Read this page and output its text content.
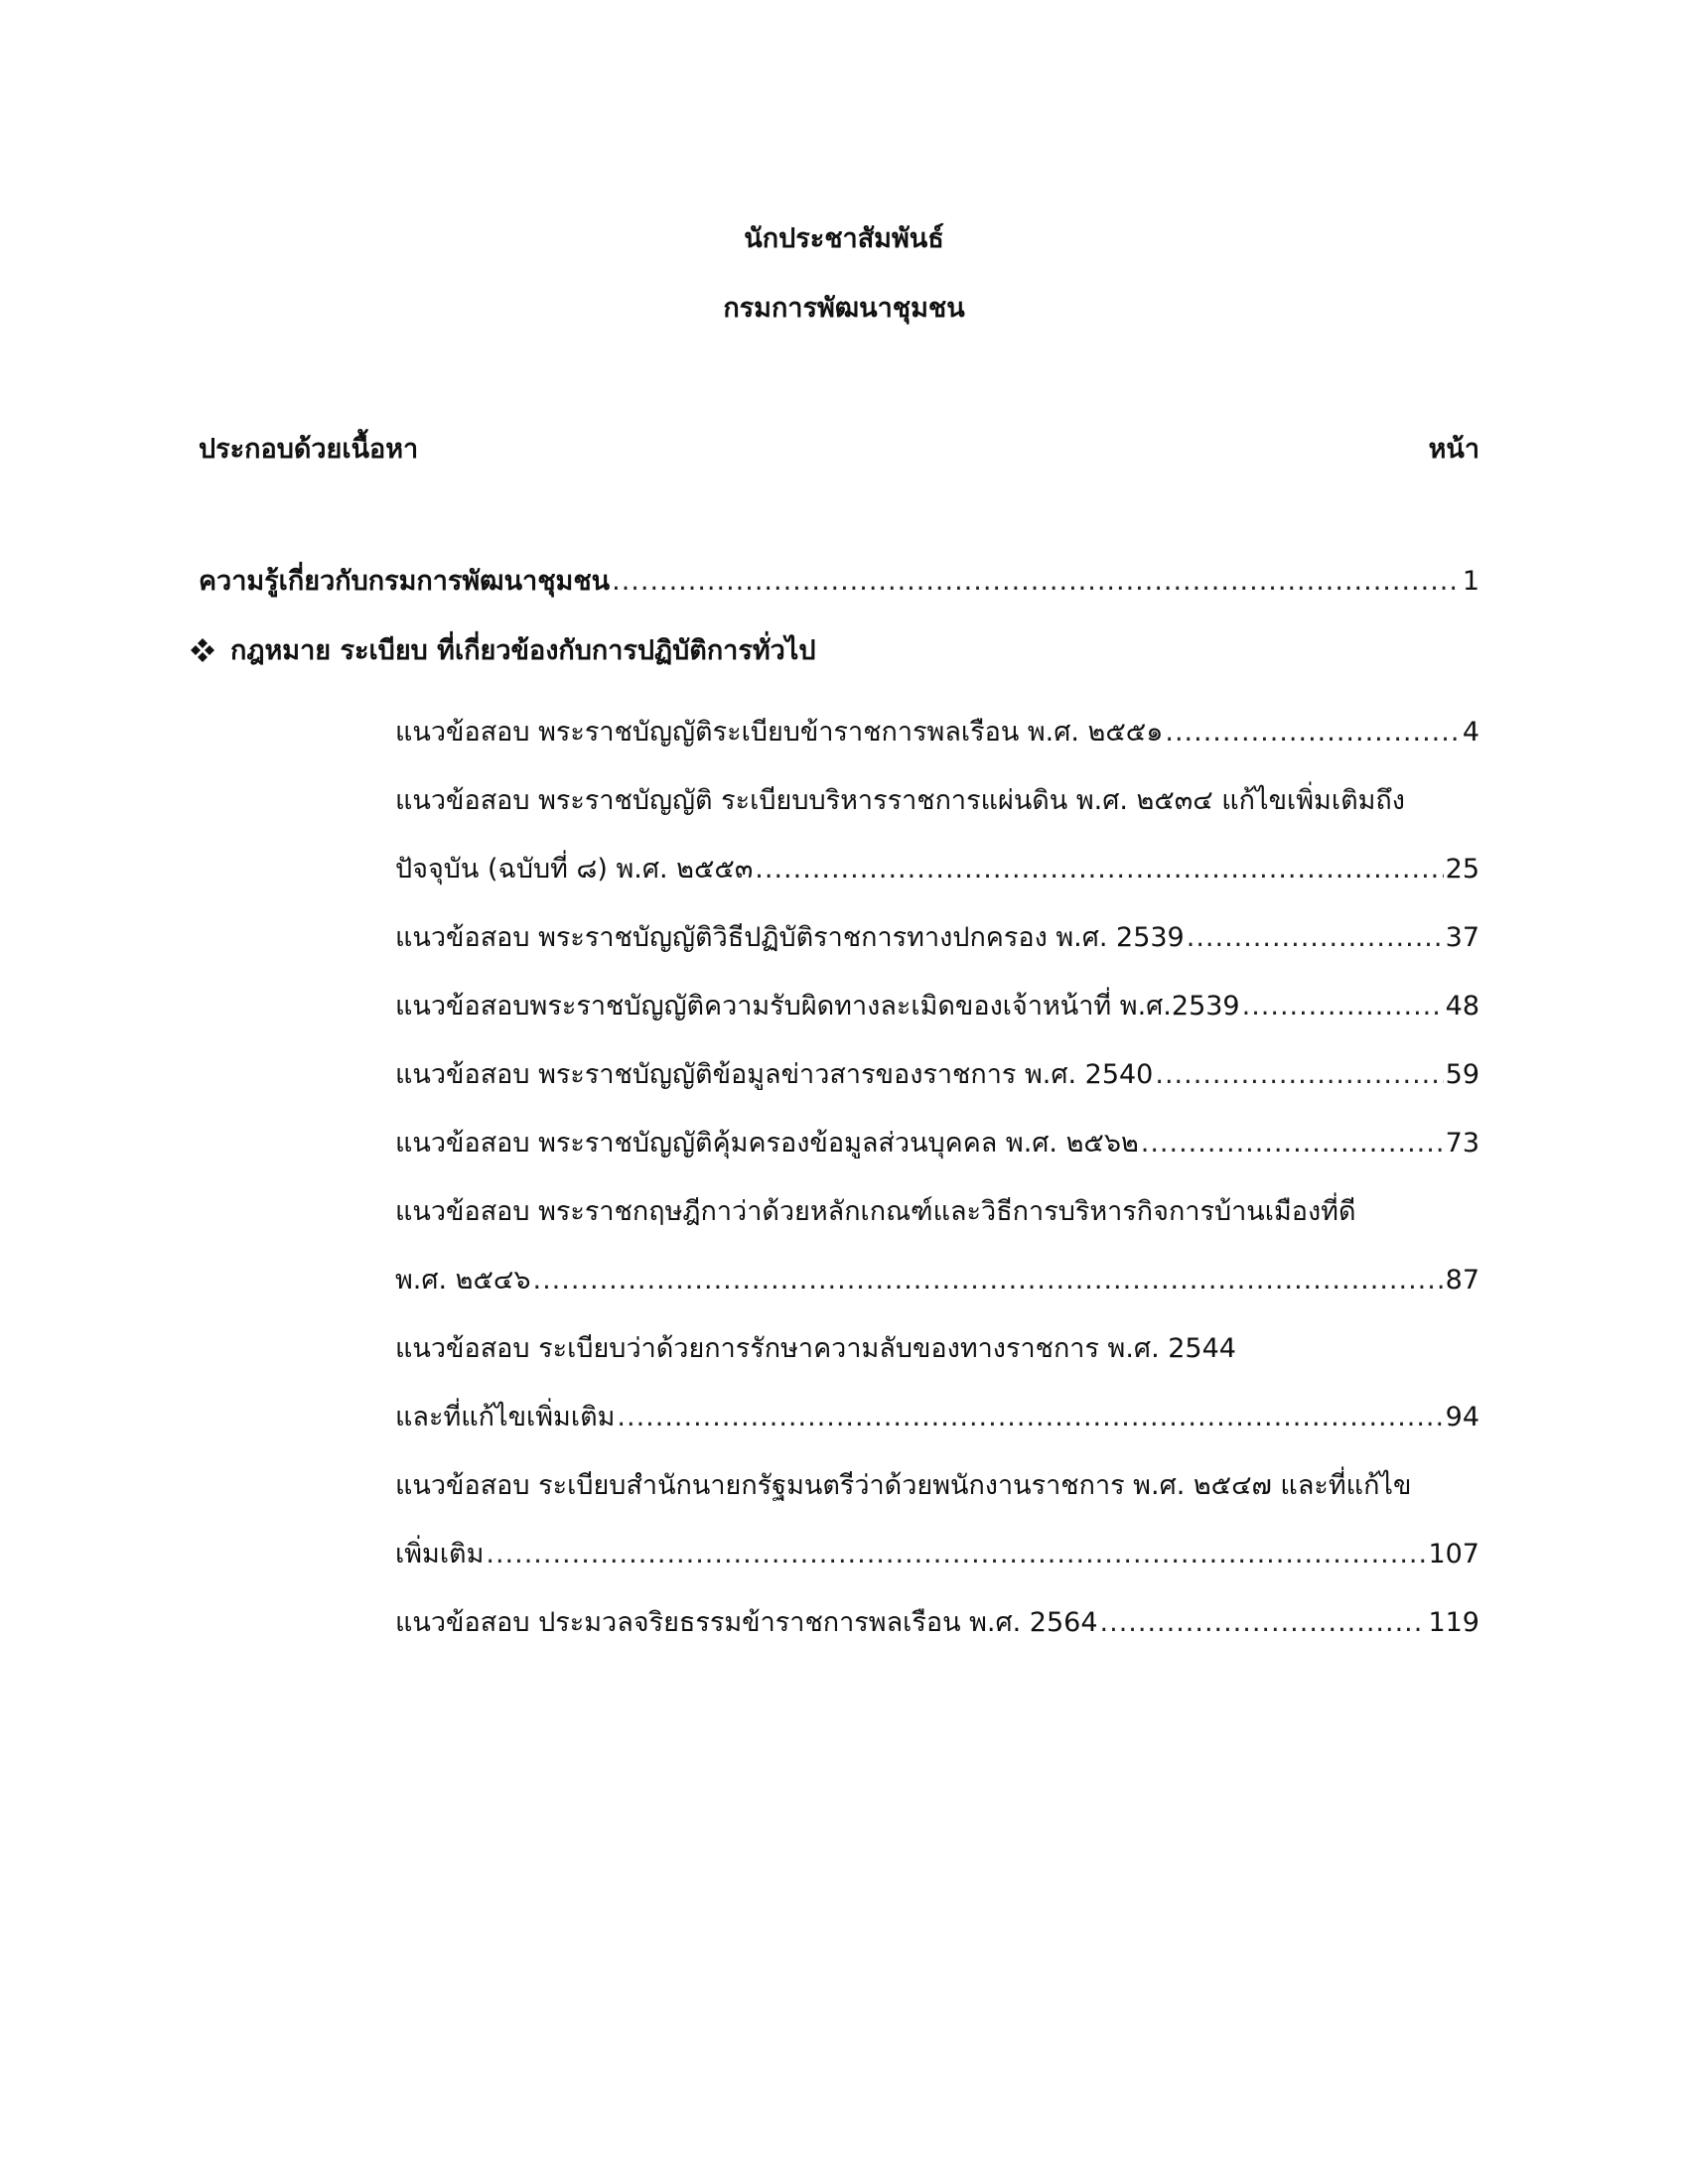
นักประชาสัมพันธ์
กรมการพัฒนาชุมชน
ประกอบด้วยเนื้อหา	หน้า
ความรู้เกี่ยวกับกรมการพัฒนาชุมชน .....	1
กฎหมาย ระเบียบ ที่เกี่ยวข้องกับการปฏิบัติการทั่วไป
แนวข้อสอบ พระราชบัญญัติระเบียบข้าราชการพลเรือน พ.ศ. ๒๕๕๑ .....	4
แนวข้อสอบ พระราชบัญญัติ ระเบียบบริหารราชการแผ่นดิน พ.ศ. ๒๕๓๔ แก้ไขเพิ่มเติมถึง
ปัจจุบัน (ฉบับที่ ๘) พ.ศ. ๒๕๕๓ .....	25
แนวข้อสอบ พระราชบัญญัติวิธีปฏิบัติราชการทางปกครอง พ.ศ. 2539 .....	37
แนวข้อสอบพระราชบัญญัติความรับผิดทางละเมิดของเจ้าหน้าที่ พ.ศ.2539 .....	48
แนวข้อสอบ พระราชบัญญัติข้อมูลข่าวสารของราชการ พ.ศ. 2540 .....	59
แนวข้อสอบ พระราชบัญญัติคุ้มครองข้อมูลส่วนบุคคล พ.ศ. ๒๕๖๒ .....	73
แนวข้อสอบ พระราชกฤษฎีกาว่าด้วยหลักเกณฑ์และวิธีการบริหารกิจการบ้านเมืองที่ดี
พ.ศ. ๒๕๔๖ .....	87
แนวข้อสอบ ระเบียบว่าด้วยการรักษาความลับของทางราชการ พ.ศ. 2544
และที่แก้ไขเพิ่มเติม .....	94
แนวข้อสอบ ระเบียบสำนักนายกรัฐมนตรีว่าด้วยพนักงานราชการ พ.ศ. ๒๕๔๗ และที่แก้ไข
เพิ่มเติม .....	107
แนวข้อสอบ ประมวลจริยธรรมข้าราชการพลเรือน พ.ศ. 2564 .....	119
